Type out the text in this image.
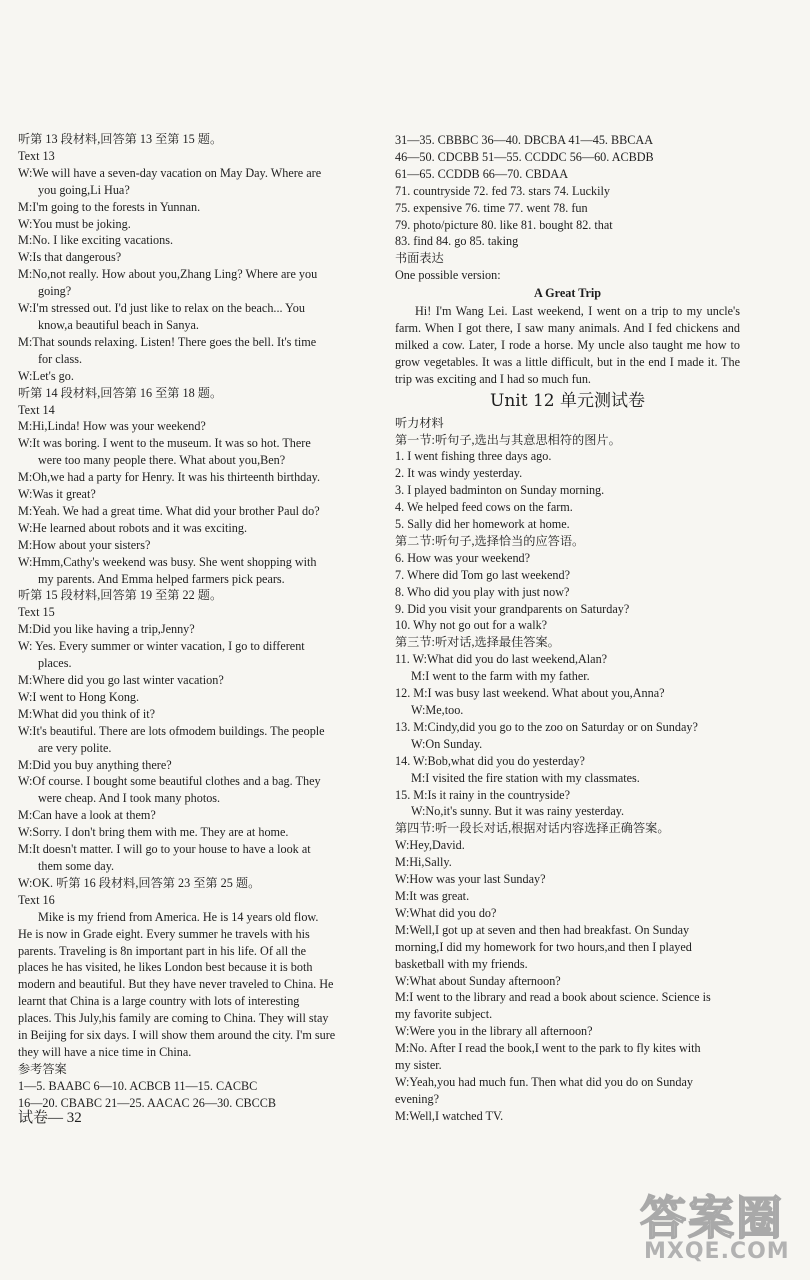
听第 13 段材料,回答第 13 至第 15 题。
Text 13
W:We will have a seven-day vacation on May Day. Where are
you going,Li Hua?
M:I'm going to the forests in Yunnan.
W:You must be joking.
M:No. I like exciting vacations.
W:Is that dangerous?
M:No,not really. How about you,Zhang Ling? Where are you
going?
W:I'm stressed out. I'd just like to relax on the beach... You
know,a beautiful beach in Sanya.
M:That sounds relaxing. Listen! There goes the bell. It's time
for class.
W:Let's go.
听第 14 段材料,回答第 16 至第 18 题。
Text 14
M:Hi,Linda! How was your weekend?
W:It was boring. I went to the museum. It was so hot. There
were too many people there. What about you,Ben?
M:Oh,we had a party for Henry. It was his thirteenth birthday.
W:Was it great?
M:Yeah. We had a great time. What did your brother Paul do?
W:He learned about robots and it was exciting.
M:How about your sisters?
W:Hmm,Cathy's weekend was busy. She went shopping with
my parents. And Emma helped farmers pick pears.
听第 15 段材料,回答第 19 至第 22 题。
Text 15
M:Did you like having a trip,Jenny?
W: Yes. Every summer or winter vacation, I go to different
places.
M:Where did you go last winter vacation?
W:I went to Hong Kong.
M:What did you think of it?
W:It's beautiful. There are lots ofmodem buildings. The people
are very polite.
M:Did you buy anything there?
W:Of course. I bought some beautiful clothes and a bag. They
were cheap. And I took many photos.
M:Can have a look at them?
W:Sorry. I don't bring them with me. They are at home.
M:It doesn't matter. I will go to your house to have a look at
them some day.
W:OK. 听第 16 段材料,回答第 23 至第 25 题。
Text 16
Mike is my friend from America. He is 14 years old flow.
He is now in Grade eight. Every summer he travels with his
parents. Traveling is 8n important part in his life. Of all the
places he has visited, he likes London best because it is both
modern and beautiful. But they have never traveled to China. He
learnt that China is a large country with lots of interesting
places. This July,his family are coming to China. They will stay
in Beijing for six days. I will show them around the city. I'm sure
they will have a nice time in China.
参考答案
1—5. BAABC 6—10. ACBCB 11—15. CACBC
16—20. CBABC 21—25. AACAC 26—30. CBCCB
31—35. CBBBC 36—40. DBCBA 41—45. BBCAA
46—50. CDCBB 51—55. CCDDC 56—60. ACBDB
61—65. CCDDB 66—70. CBDAA
71. countryside 72. fed 73. stars 74. Luckily
75. expensive 76. time 77. went 78. fun
79. photo/picture 80. like 81. bought 82. that
83. find 84. go 85. taking
书面表达
One possible version:
A Great Trip
Hi! I'm Wang Lei. Last weekend, I went on a trip to my uncle's farm. When I got there, I saw many animals. And I fed chickens and milked a cow. Later, I rode a horse. My uncle also taught me how to grow vegetables. It was a little difficult, but in the end I made it. The trip was exciting and I had so much fun.
Unit 12 单元测试卷
听力材料
第一节:听句子,选出与其意思相符的图片。
1. I went fishing three days ago.
2. It was windy yesterday.
3. I played badminton on Sunday morning.
4. We helped feed cows on the farm.
5. Sally did her homework at home.
第二节:听句子,选择恰当的应答语。
6. How was your weekend?
7. Where did Tom go last weekend?
8. Who did you play with just now?
9. Did you visit your grandparents on Saturday?
10. Why not go out for a walk?
第三节:听对话,选择最佳答案。
11. W:What did you do last weekend,Alan?
M:I went to the farm with my father.
12. M:I was busy last weekend. What about you,Anna?
W:Me,too.
13. M:Cindy,did you go to the zoo on Saturday or on Sunday?
W:On Sunday.
14. W:Bob,what did you do yesterday?
M:I visited the fire station with my classmates.
15. M:Is it rainy in the countryside?
W:No,it's sunny. But it was rainy yesterday.
第四节:听一段长对话,根据对话内容选择正确答案。
W:Hey,David.
M:Hi,Sally.
W:How was your last Sunday?
M:It was great.
W:What did you do?
M:Well,I got up at seven and then had breakfast. On Sunday
morning,I did my homework for two hours,and then I played
basketball with my friends.
W:What about Sunday afternoon?
M:I went to the library and read a book about science. Science is
my favorite subject.
W:Were you in the library all afternoon?
M:No. After I read the book,I went to the park to fly kites with
my sister.
W:Yeah,you had much fun. Then what did you do on Sunday
evening?
M:Well,I watched TV.
试卷— 32
答案圈
MXQE.COM
